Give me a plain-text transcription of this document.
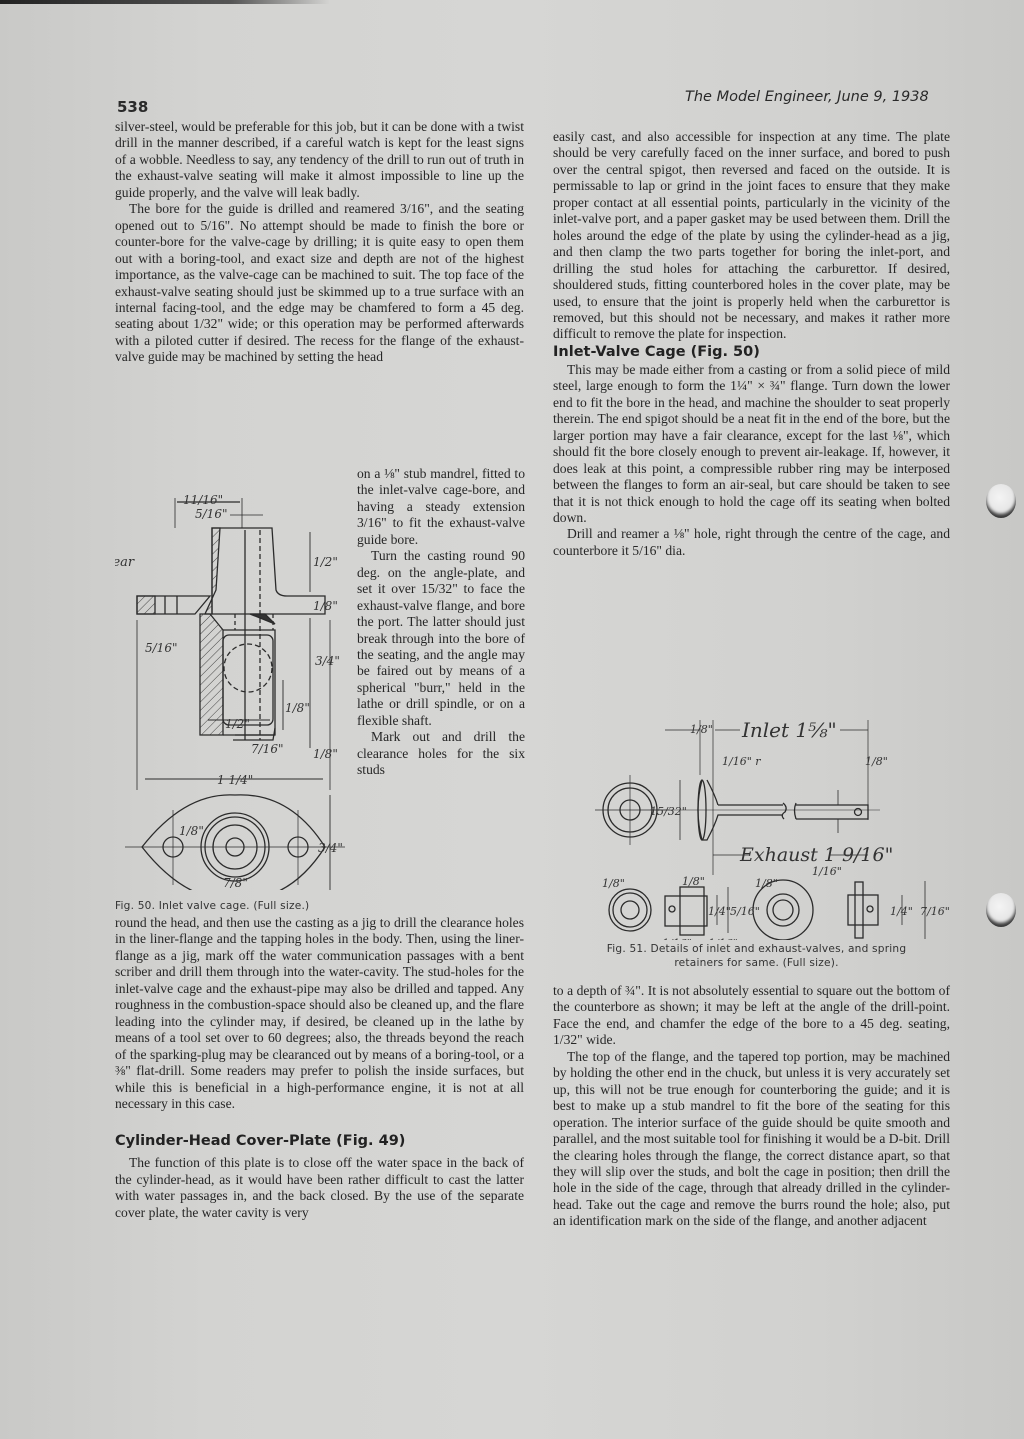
538
The Model Engineer, June 9, 1938

silver-steel, would be preferable for this job, but it can be done with a twist drill in the manner described, if a careful watch is kept for the least signs of a wobble. Needless to say, any tendency of the drill to run out of truth in the exhaust-valve seating will make it almost impossible to line up the guide properly, and the valve will leak badly.

The bore for the guide is drilled and reamered 3/16", and the seating opened out to 5/16". No attempt should be made to finish the bore or counter-bore for the valve-cage by drilling; it is quite easy to open them out with a boring-tool, and exact size and depth are not of the highest importance, as the valve-cage can be machined to suit. The top face of the exhaust-valve seating should just be skimmed up to a true surface with an internal facing-tool, and the edge may be chamfered to form a 45 deg. seating about 1/32" wide; or this operation may be performed afterwards with a piloted cutter if desired. The recess for the flange of the exhaust-valve guide may be machined by setting the head

on a ⅛" stub mandrel, fitted to the inlet-valve cage-bore, and having a steady extension 3/16" to fit the exhaust-valve guide bore.

Turn the casting round 90 deg. on the angle-plate, and set it over 15/32" to face the exhaust-valve flange, and bore the port. The latter should just break through into the bore of the seating, and the angle may be faired out by means of a spherical "burr," held in the lathe or drill spindle, or on a flexible shaft.

Mark out and drill the clearance holes for the six studs

11/16"
5/16"
ar	1/2"
1/8"
5/16"
3/4"
1/2"
1/8"
1/8"
7/16"
1 1/4"
1/8"
3/4"
7/8"
Fig. 50. Inlet valve cage. (Full size.)

round the head, and then use the casting as a jig to drill the clearance holes in the liner-flange and the tapping holes in the body. Then, using the liner-flange as a jig, mark off the water communication passages with a bent scriber and drill them through into the water-cavity. The stud-holes for the inlet-valve cage and the exhaust-pipe may also be drilled and tapped. Any roughness in the combustion-space should also be cleaned up, and the flare leading into the cylinder may, if desired, be cleaned up in the lathe by means of a tool set over to 60 degrees; also, the threads beyond the reach of the sparking-plug may be clearanced out by means of a boring-tool, or a ⅜" flat-drill. Some readers may prefer to polish the inside surfaces, but while this is beneficial in a high-performance engine, it is not at all necessary in this case.

Cylinder-Head Cover-Plate (Fig. 49)

The function of this plate is to close off the water space in the back of the cylinder-head, as it would have been rather difficult to cast the latter with water passages in, and the back closed. By the use of the separate cover plate, the water cavity is very

easily cast, and also accessible for inspection at any time. The plate should be very carefully faced on the inner surface, and bored to push over the central spigot, then reversed and faced on the outside. It is permissable to lap or grind in the joint faces to ensure that they make proper contact at all essential points, particularly in the vicinity of the inlet-valve port, and a paper gasket may be used between them. Drill the holes around the edge of the plate by using the cylinder-head as a jig, and then clamp the two parts together for boring the inlet-port, and drilling the stud holes for attaching the carburettor. If desired, shouldered studs, fitting counterbored holes in the cover plate, may be used, to ensure that the joint is properly held when the carburettor is removed, but this should not be necessary, and makes it rather more difficult to remove the plate for inspection.

Inlet-Valve Cage (Fig. 50)

This may be made either from a casting or from a solid piece of mild steel, large enough to form the 1¼" × ¾" flange. Turn down the lower end to fit the bore in the head, and machine the shoulder to seat properly therein. The end spigot should be a neat fit in the end of the bore, but the larger portion may have a fair clearance, except for the last ⅛", which should fit the bore closely enough to prevent air-leakage. If, however, it does leak at this point, a compressible rubber ring may be interposed between the flanges to form an air-seal, but care should be taken to see that it is not thick enough to hold the cage off its seating when bolted down.

Drill and reamer a ⅛" hole, right through the centre of the cage, and counterbore it 5/16" dia.

1/8" Inlet 1⅝"
1/16" r	1/8"
15/32"
Exhaust 1 9/16"
1/8"	1/8"
1/4" 5/16"
1/8"
1/16"
1/4" 7/16"
Fig. 51. Details of inlet and exhaust-valves, and spring
retainers for same. (Full size).

to a depth of ¾". It is not absolutely essential to square out the bottom of the counterbore as shown; it may be left at the angle of the drill-point. Face the end, and chamfer the edge of the bore to a 45 deg. seating, 1/32" wide.

The top of the flange, and the tapered top portion, may be machined by holding the other end in the chuck, but unless it is very accurately set up, this will not be true enough for counterboring the guide; and it is best to make up a stub mandrel to fit the bore of the seating for this operation. The interior surface of the guide should be quite smooth and parallel, and the most suitable tool for finishing it would be a D-bit. Drill the clearing holes through the flange, the correct distance apart, so that they will slip over the studs, and bolt the cage in position; then drill the hole in the side of the cage, through that already drilled in the cylinder-head. Take out the cage and remove the burrs round the hole; also, put an identification mark on the side of the flange, and another adjacent
